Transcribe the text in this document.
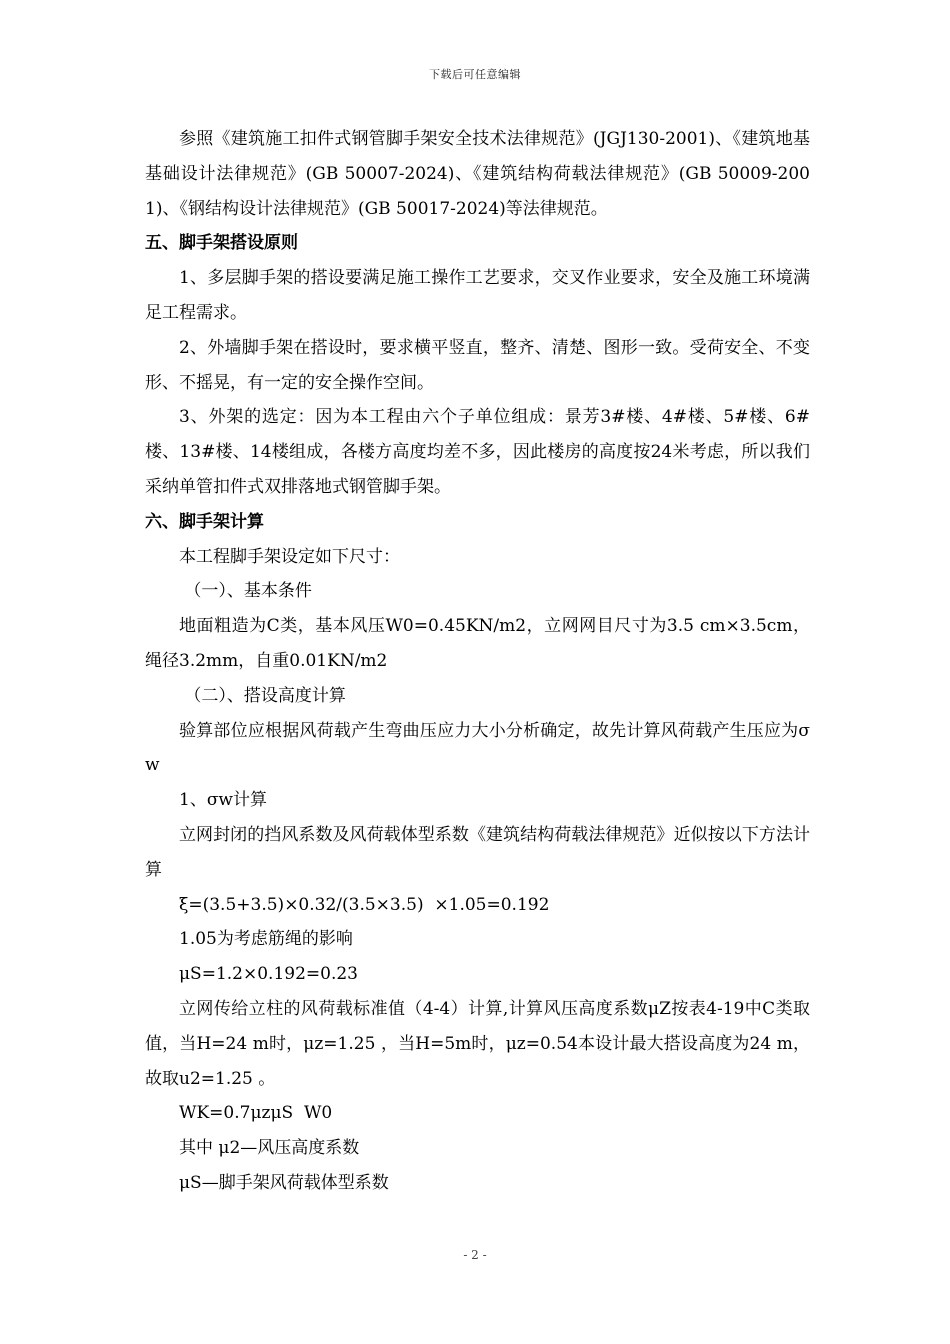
下载后可任意编辑

参照《建筑施工扣件式钢管脚手架安全技术法律规范》(JGJ130-2001)、《建筑地基基础设计法律规范》(GB 50007-2024)、《建筑结构荷载法律规范》(GB 50009-2001)、《钢结构设计法律规范》(GB 50017-2024)等法律规范。

五、脚手架搭设原则

1、多层脚手架的搭设要满足施工操作工艺要求，交叉作业要求，安全及施工环境满足工程需求。

2、外墙脚手架在搭设时，要求横平竖直，整齐、清楚、图形一致。受荷安全、不变形、不摇晃，有一定的安全操作空间。

3、外架的选定：因为本工程由六个子单位组成：景芳3#楼、4#楼、5#楼、6#楼、13#楼、14楼组成，各楼方高度均差不多，因此楼房的高度按24米考虑，所以我们采纳单管扣件式双排落地式钢管脚手架。

六、脚手架计算

本工程脚手架设定如下尺寸：

（一）、基本条件

地面粗造为C类，基本风压W0=0.45KN/m2，立网网目尺寸为3.5 cm×3.5cm，绳径3.2mm，自重0.01KN/m2

（二）、搭设高度计算

验算部位应根据风荷载产生弯曲压应力大小分析确定，故先计算风荷载产生压应为σw

1、σw计算

立网封闭的挡风系数及风荷载体型系数《建筑结构荷载法律规范》近似按以下方法计算

ξ=(3.5+3.5)×0.32/(3.5×3.5)  ×1.05=0.192

1.05为考虑筋绳的影响

μS=1.2×0.192=0.23

立网传给立柱的风荷载标准值（4-4）计算,计算风压高度系数μZ按表4-19中C类取值，当H=24 m时，μz=1.25 ，当H=5m时，μz=0.54本设计最大搭设高度为24 m，故取u2=1.25 。

WK=0.7μzμS  W0

其中 μ2—风压高度系数

μS—脚手架风荷载体型系数

- 2 -
